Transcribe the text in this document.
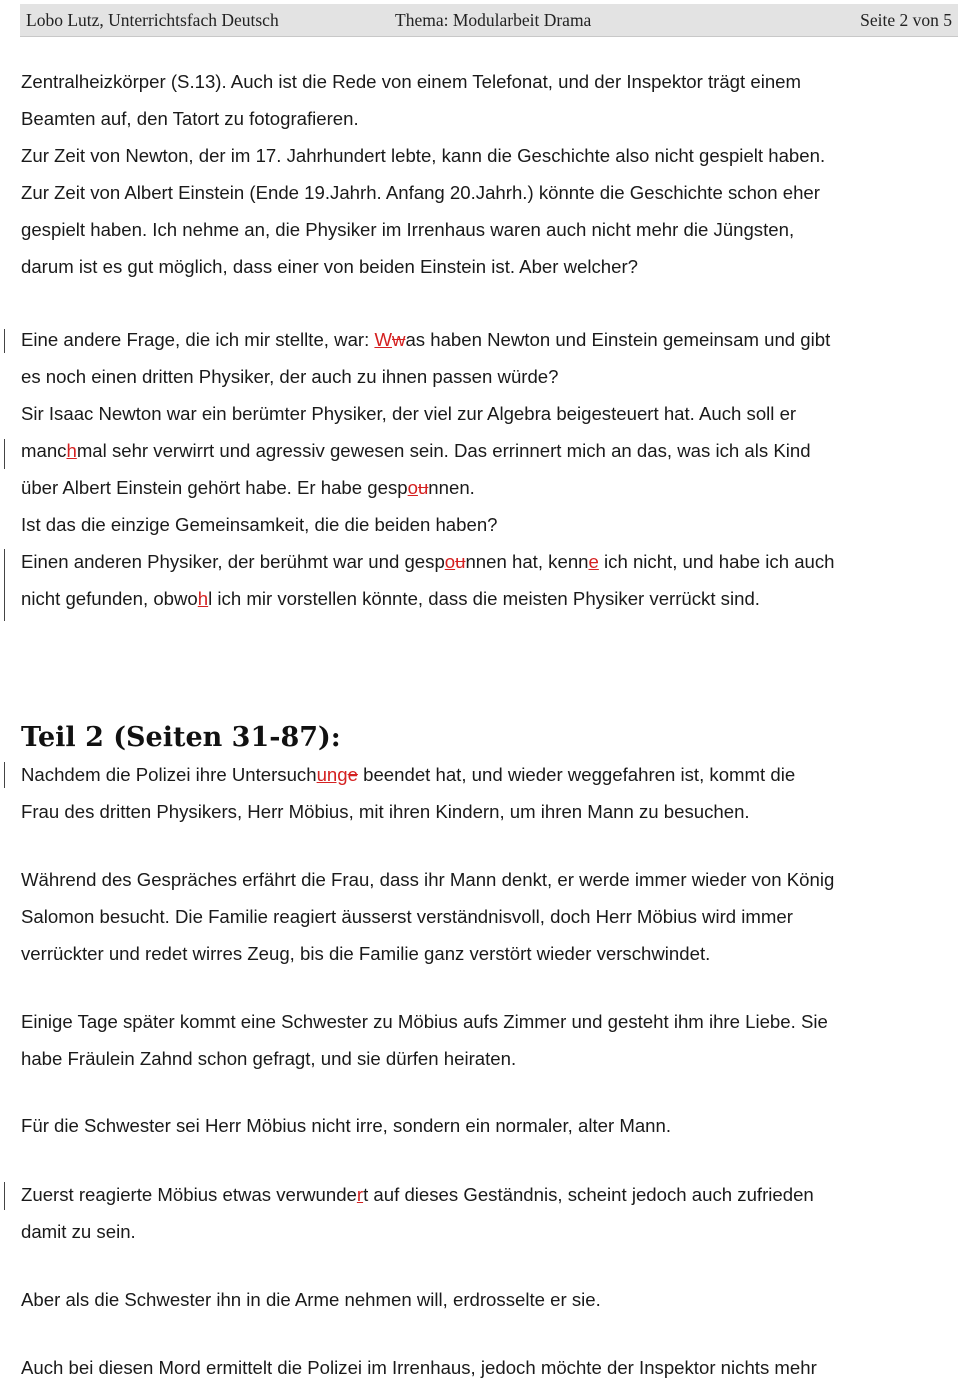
Lobo Lutz, Unterrichtsfach Deutsch	Thema: Modularbeit Drama	Seite 2 von 5

Zentralheizkörper (S.13). Auch ist die Rede von einem Telefonat, und der Inspektor trägt einem
Beamten auf, den Tatort zu fotografieren.
Zur Zeit von Newton, der im 17. Jahrhundert lebte, kann die Geschichte also nicht gespielt haben.
Zur Zeit von Albert Einstein (Ende 19.Jahrh. Anfang 20.Jahrh.) könnte die Geschichte schon eher
gespielt haben. Ich nehme an, die Physiker im Irrenhaus waren auch nicht mehr die Jüngsten,
darum ist es gut möglich, dass einer von beiden Einstein ist. Aber welcher?

Eine andere Frage, die ich mir stellte, war: Wwas haben Newton und Einstein gemeinsam und gibt
es noch einen dritten Physiker, der auch zu ihnen passen würde?
Sir Isaac Newton war ein berümter Physiker, der viel zur Algebra beigesteuert hat. Auch soll er
manchmal sehr verwirrt und agressiv gewesen sein. Das errinnert mich an das, was ich als Kind
über Albert Einstein gehört habe. Er habe gespounnen.
Ist das die einzige Gemeinsamkeit, die die beiden haben?
Einen anderen Physiker, der berühmt war und gespounnen hat, kenne ich nicht, und habe ich auch
nicht gefunden, obwohl ich mir vorstellen könnte, dass die meisten Physiker verrückt sind.

Teil 2 (Seiten 31-87):

Nachdem die Polizei ihre Untersuchunge beendet hat, und wieder weggefahren ist, kommt die
Frau des dritten Physikers, Herr Möbius, mit ihren Kindern, um ihren Mann zu besuchen.

Während des Gespräches erfährt die Frau, dass ihr Mann denkt, er werde immer wieder von König
Salomon besucht. Die Familie reagiert äusserst verständnisvoll, doch Herr Möbius wird immer
verrückter und redet wirres Zeug, bis die Familie ganz verstört wieder verschwindet.

Einige Tage später kommt eine Schwester zu Möbius aufs Zimmer und gesteht ihm ihre Liebe. Sie
habe Fräulein Zahnd schon gefragt, und sie dürfen heiraten.

Für die Schwester sei Herr Möbius nicht irre, sondern ein normaler, alter Mann.

Zuerst reagierte Möbius etwas verwundert auf dieses Geständnis, scheint jedoch auch zufrieden
damit zu sein.

Aber als die Schwester ihn in die Arme nehmen will, erdrosselte er sie.

Auch bei diesen Mord ermittelt die Polizei im Irrenhaus, jedoch möchte der Inspektor nichts mehr
